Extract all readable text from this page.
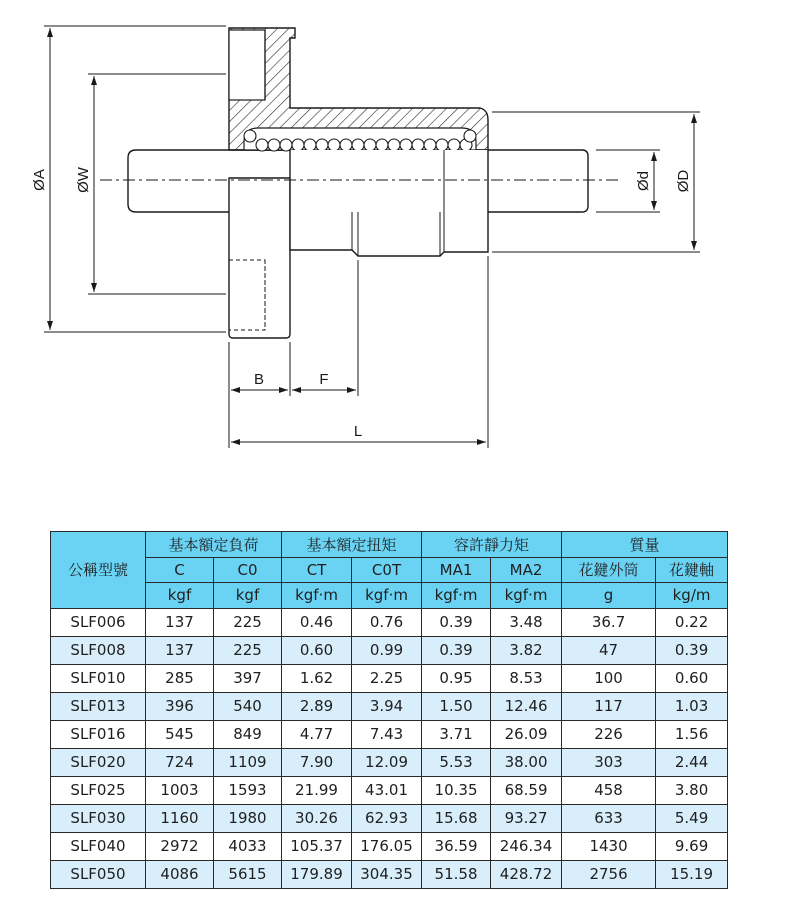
ØA ØW	Ød ØD
B	F
L
公稱型號	基本額定負荷		基本額定扭矩		容許靜力矩		質量	
	C	C0	CT	C0T	MA1	MA2	花鍵外筒	花鍵軸
	kgf	kgf	kgf·m	kgf·m	kgf·m	kgf·m	g	kg/m
SLF006	137	225	0.46	0.76	0.39	3.48	36.7	0.22
SLF008	137	225	0.60	0.99	0.39	3.82	47	0.39
SLF010	285	397	1.62	2.25	0.95	8.53	100	0.60
SLF013	396	540	2.89	3.94	1.50	12.46	117	1.03
SLF016	545	849	4.77	7.43	3.71	26.09	226	1.56
SLF020	724	1109	7.90	12.09	5.53	38.00	303	2.44
SLF025	1003	1593	21.99	43.01	10.35	68.59	458	3.80
SLF030	1160	1980	30.26	62.93	15.68	93.27	633	5.49
SLF040	2972	4033	105.37	176.05	36.59	246.34	1430	9.69
SLF050	4086	5615	179.89	304.35	51.58	428.72	2756	15.19
